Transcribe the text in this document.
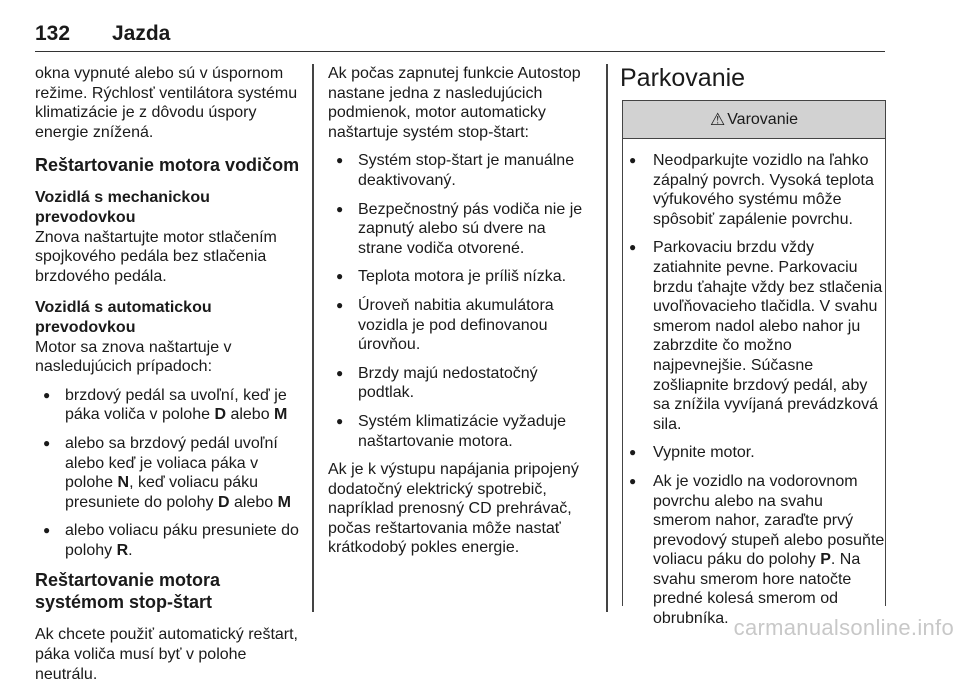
132 Jazda

okna vypnuté alebo sú v úspornom režime. Rýchlosť ventilátora systému klimatizácie je z dôvodu úspory energie znížená.

Reštartovanie motora vodičom
Vozidlá s mechanickou prevodovkou

Znova naštartujte motor stlačením spojkového pedála bez stlačenia brzdového pedála.

Vozidlá s automatickou prevodovkou

Motor sa znova naštartuje v nasledujúcich prípadoch:

● brzdový pedál sa uvoľní, keď je páka voliča v polohe D alebo M
● alebo sa brzdový pedál uvoľní alebo keď je voliaca páka v polohe N, keď voliacu páku presuniete do polohy D alebo M
● alebo voliacu páku presuniete do polohy R.
Reštartovanie motora systémom stop-štart

Ak chcete použiť automatický reštart, páka voliča musí byť v polohe neutrálu.

Ak počas zapnutej funkcie Autostop nastane jedna z nasledujúcich podmienok, motor automaticky naštartuje systém stop-štart:

● Systém stop-štart je manuálne deaktivovaný.
● Bezpečnostný pás vodiča nie je zapnutý alebo sú dvere na strane vodiča otvorené.
● Teplota motora je príliš nízka.
● Úroveň nabitia akumulátora vozidla je pod definovanou úrovňou.
● Brzdy majú nedostatočný podtlak.
● Systém klimatizácie vyžaduje naštartovanie motora.

Ak je k výstupu napájania pripojený dodatočný elektrický spotrebič, napríklad prenosný CD prehrávač, počas reštartovania môže nastať krátkodobý pokles energie.

Parkovanie
⚠ Varovanie
● Neodparkujte vozidlo na ľahko zápalný povrch. Vysoká teplota výfukového systému môže spôsobiť zapálenie povrchu.
● Parkovaciu brzdu vždy zatiahnite pevne. Parkovaciu brzdu ťahajte vždy bez stlačenia uvoľňovacieho tlačidla. V svahu smerom nadol alebo nahor ju zabrzdite čo možno najpevnejšie. Súčasne zošliapnite brzdový pedál, aby sa znížila vyvíjaná prevádzková sila.
● Vypnite motor.
● Ak je vozidlo na vodorovnom povrchu alebo na svahu smerom nahor, zaraďte prvý prevodový stupeň alebo posuňte voliacu páku do polohy P. Na svahu smerom hore natočte predné kolesá smerom od obrubníka. carmanualsonline.info
